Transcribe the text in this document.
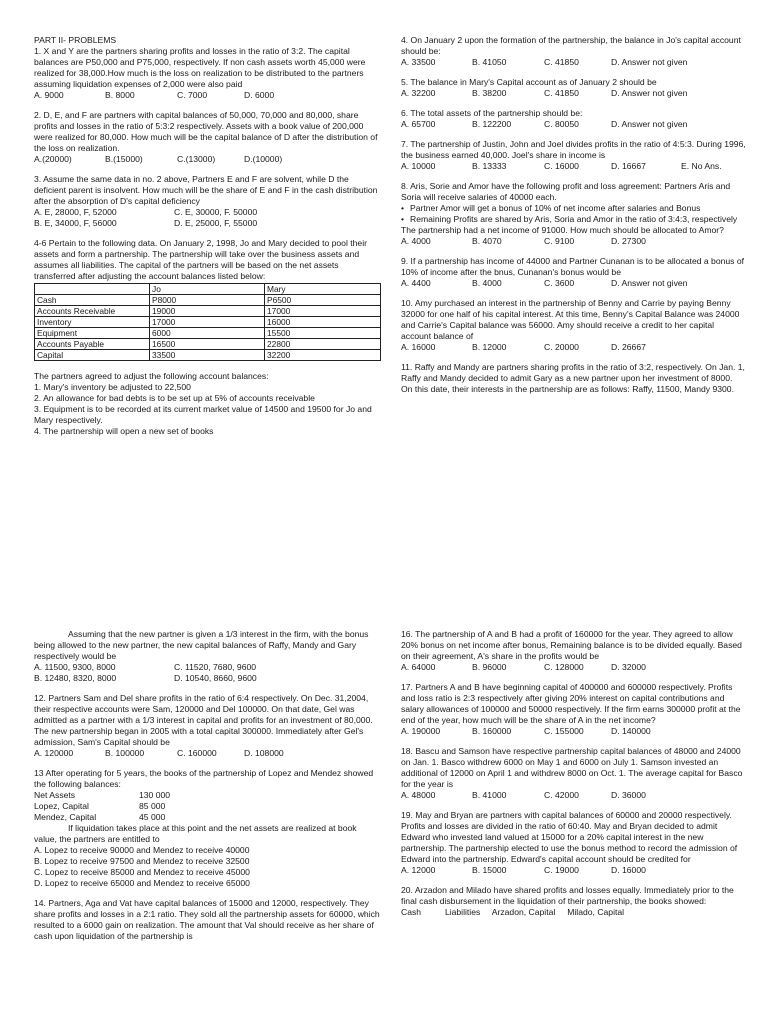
PART II- PROBLEMS

1. X and Y are the partners sharing profits and losses in the ratio of 3:2. The capital balances are P50,000 and P75,000, respectively. If non cash assets worth 45,000 were realized for 38,000.How much is the loss on realization to be distributed to the partners assuming liquidation expenses of 2,000 were also paid

A. 9000	B. 8000	C. 7000	D. 6000

2. D, E, and F are partners with capital balances of 50,000, 70,000 and 80,000, share profits and losses in the ratio of 5:3:2 respectively. Assets with a book value of 200,000 were realized for 80,000. How much will be the capital balance of D after the distribution of the loss on realization.

A.(20000)	B.(15000)	C.(13000)	D.(10000)

3. Assume the same data in no. 2 above, Partners E and F are solvent, while D the deficient parent is insolvent. How much will be the share of E and F in the cash distribution after the absorption of D's capital deficiency

A. E, 28000, F, 52000	C. E, 30000, F. 50000
B. E, 34000, F, 56000	D. E, 25000, F, 55000

4-6 Pertain to the following data. On January 2, 1998, Jo and Mary decided to pool their assets and form a partnership. The partnership will take over the business assets and assumes all liabilities. The capital of the partners will be based on the net assets transferred after adjusting the account balances listed below:

	Jo	Mary
Cash	P8000	P6500
Accounts Receivable	19000	17000
Inventory	17000	16000
Equipment	6000	15500
Accounts Payable	16500	22800
Capital	33500	32200

The partners agreed to adjust the following account balances:

1. Mary's inventory be adjusted to 22,500

2. An allowance for bad debts is to be set up at 5% of accounts receivable

3. Equipment is to be recorded at its current market value of 14500 and 19500 for Jo and Mary respectively.

4. The partnership will open a new set of books

4. On January 2 upon the formation of the partnership, the balance in Jo's capital account should be:

A. 33500	B. 41050	C. 41850	D. Answer not given

5. The balance in Mary's Capital account as of January 2 should be

A. 32200	B. 38200	C. 41850	D. Answer not given

6. The total assets of the partnership should be:

A. 65700	B. 122200	C. 80050	D. Answer not given

7. The partnership of Justin, John and Joel divides profits in the ratio of 4:5:3. During 1996, the business earned 40,000. Joel's share in income is

A. 10000	B. 13333	C. 16000	D. 16667	E. No Ans.

8. Aris, Sorie and Amor have the following profit and loss agreement: Partners Aris and Soria will receive salaries of 40000 each.

• Partner Amor will get a bonus of 10% of net income after salaries and Bonus
• Remaining Profits are shared by Aris, Soria and Amor in the ratio of 3:4:3, respectively

The partnership had a net income of 91000. How much should be allocated to Amor?

A. 4000	B. 4070	C. 9100	D. 27300

9. If a partnership has income of 44000 and Partner Cunanan is to be allocated a bonus of 10% of income after the bnus, Cunanan's bonus would be

A. 4400	B. 4000	C. 3600	D. Answer not given

10. Amy purchased an interest in the partnership of Benny and Carrie by paying Benny 32000 for one half of his capital interest. At this time, Benny's Capital Balance was 24000 and Carrie's Capital balance was 56000. Amy should receive a credit to her capital account balance of

A. 16000	B. 12000	C. 20000	D. 26667

11. Raffy and Mandy are partners sharing profits in the ratio of 3:2, respectively. On Jan. 1, Raffy and Mandy decided to admit Gary as a new partner upon her investment of 8000. On this date, their interests in the partnership are as follows: Raffy, 11500, Mandy 9300.

Assuming that the new partner is given a 1/3 interest in the firm, with the bonus being allowed to the new partner, the new capital balances of Raffy, Mandy and Gary respectively would be

A. 11500, 9300, 8000	C. 11520, 7680, 9600
B. 12480, 8320, 8000	D. 10540, 8660, 9600

12. Partners Sam and Del share profits in the ratio of 6:4 respectively. On Dec. 31,2004, their respective accounts were Sam, 120000 and Del 100000. On that date, Gel was admitted as a partner with a 1/3 interest in capital and profits for an investment of 80,000. The new partnership began in 2005 with a total capital 300000. Immediately after Gel's admission, Sam's Capital should be

A. 120000	B. 100000	C. 160000	D. 108000

13 After operating for 5 years, the books of the partnership of Lopez and Mendez showed the following balances:

Net Assets	130 000
Lopez, Capital	85 000
Mendez, Capital	45 000

If liquidation takes place at this point and the net assets are realized at book value, the partners are entitled to

A. Lopez to receive 90000 and Mendez to receive 40000

B. Lopez to receive 97500 and Mendez to receive 32500

C. Lopez to receive 85000 and Mendez to receive 45000

D. Lopez to receive 65000 and Mendez to receive 65000

14. Partners, Aga and Vat have capital balances of 15000 and 12000, respectively. They share profits and losses in a 2:1 ratio. They sold all the partnership assets for 60000, which resulted to a 6000 gain on realization. The amount that Val should receive as her share of cash upon liquidation of the partnership is

16. The partnership of A and B had a profit of 160000 for the year. They agreed to allow 20% bonus on net income after bonus, Remaining balance is to be divided equally. Based on their agreement, A's share in the profits would be

A. 64000	B. 96000	C. 128000	D. 32000

17. Partners A and B have beginning capital of 400000 and 600000 respectively. Profits and loss ratio is 2:3 respectively after giving 20% interest on capital contributions and salary allowances of 100000 and 50000 respectively. If the firm earns 300000 profit at the end of the year, how much will be the share of A in the net income?

A. 190000	B. 160000	C. 155000	D. 140000

18. Bascu and Samson have respective partnership capital balances of 48000 and 24000 on Jan. 1. Basco withdrew 6000 on May 1 and 6000 on July 1. Samson invested an additional of 12000 on April 1 and withdrew 8000 on Oct. 1. The average capital for Basco for the year is

A. 48000	B. 41000	C. 42000	D. 36000

19. May and Bryan are partners with capital balances of 60000 and 20000 respectively. Profits and losses are divided in the ratio of 60:40. May and Bryan decided to admit Edward who invested land valued at 15000 for a 20% capital interest in the new partnership. The partnership elected to use the bonus method to record the admission of Edward into the partnership. Edward's capital account should be credited for

A. 12000	B. 15000	C. 19000	D. 16000

20. Arzadon and Milado have shared profits and losses equally. Immediately prior to the final cash disbursement in the liquidation of their partnership, the books showed:

Cash          Liabilities     Arzadon, Capital     Milado, Capital
